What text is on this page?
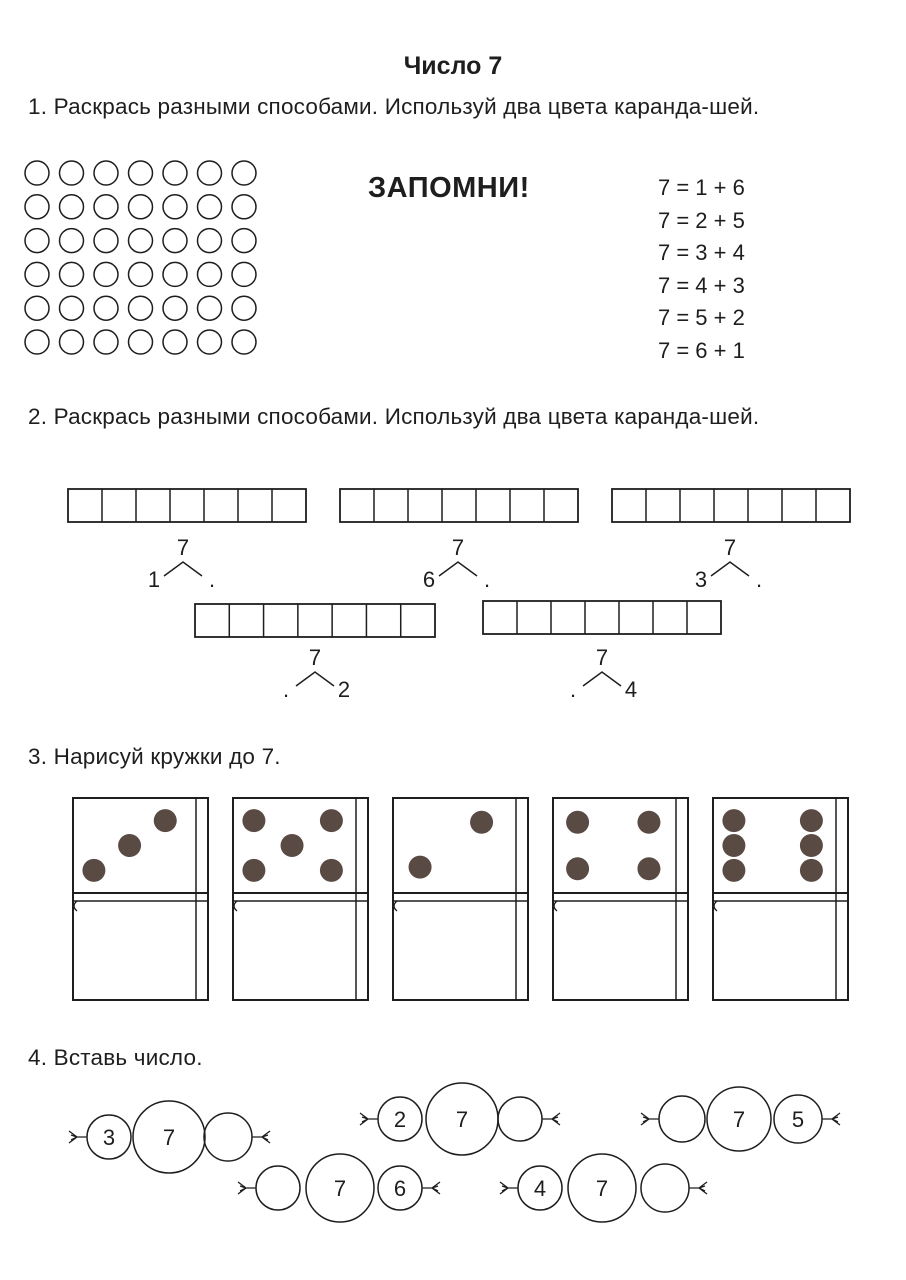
Число 7
1. Раскрась разными способами. Используй два цвета каранда-шей.
ЗАПОМНИ!	7 = 1 + 6
7 = 2 + 5
7 = 3 + 4
7 = 4 + 3
7 = 5 + 2
7 = 6 + 1
2. Раскрась разными способами. Используй два цвета каранда-шей.
3. Нарисуй кружки до 7.
4. Вставь число.
7
1 .
7
6 .
7
3 .
7
. 2
7
. 4
3 7
2 7	7 5
7 6	4 7
